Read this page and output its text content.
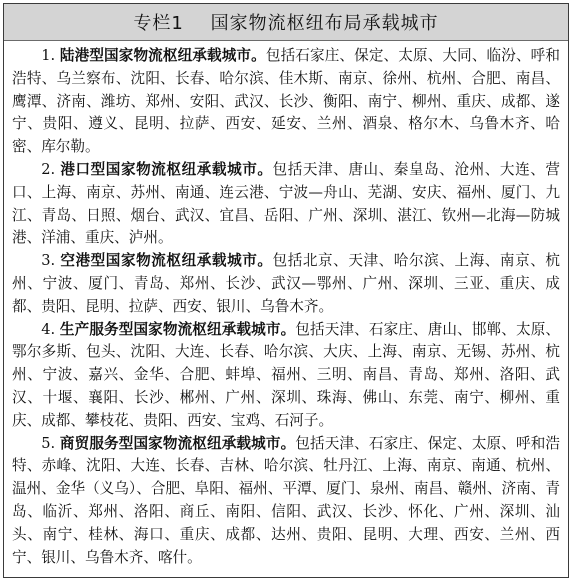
专栏1
国家物流枢纽布局承载城市

1. 陆港型国家物流枢纽承载城市。包括石家庄、保定、太原、大同、临汾、呼和浩特、乌兰察布、沈阳、长春、哈尔滨、佳木斯、南京、徐州、杭州、合肥、南昌、鹰潭、济南、潍坊、郑州、安阳、武汉、长沙、衡阳、南宁、柳州、重庆、成都、遂宁、贵阳、遵义、昆明、拉萨、西安、延安、兰州、酒泉、格尔木、乌鲁木齐、哈密、库尔勒。

2. 港口型国家物流枢纽承载城市。包括天津、唐山、秦皇岛、沧州、大连、营口、上海、南京、苏州、南通、连云港、宁波—舟山、芜湖、安庆、福州、厦门、九江、青岛、日照、烟台、武汉、宜昌、岳阳、广州、深圳、湛江、钦州—北海—防城港、洋浦、重庆、泸州。

3. 空港型国家物流枢纽承载城市。包括北京、天津、哈尔滨、上海、南京、杭州、宁波、厦门、青岛、郑州、长沙、武汉—鄂州、广州、深圳、三亚、重庆、成都、贵阳、昆明、拉萨、西安、银川、乌鲁木齐。

4. 生产服务型国家物流枢纽承载城市。包括天津、石家庄、唐山、邯郸、太原、鄂尔多斯、包头、沈阳、大连、长春、哈尔滨、大庆、上海、南京、无锡、苏州、杭州、宁波、嘉兴、金华、合肥、蚌埠、福州、三明、南昌、青岛、郑州、洛阳、武汉、十堰、襄阳、长沙、郴州、广州、深圳、珠海、佛山、东莞、南宁、柳州、重庆、成都、攀枝花、贵阳、西安、宝鸡、石河子。

5. 商贸服务型国家物流枢纽承载城市。包括天津、石家庄、保定、太原、呼和浩特、赤峰、沈阳、大连、长春、吉林、哈尔滨、牡丹江、上海、南京、南通、杭州、温州、金华（义乌）、合肥、阜阳、福州、平潭、厦门、泉州、南昌、赣州、济南、青岛、临沂、郑州、洛阳、商丘、南阳、信阳、武汉、长沙、怀化、广州、深圳、汕头、南宁、桂林、海口、重庆、成都、达州、贵阳、昆明、大理、西安、兰州、西宁、银川、乌鲁木齐、喀什。
